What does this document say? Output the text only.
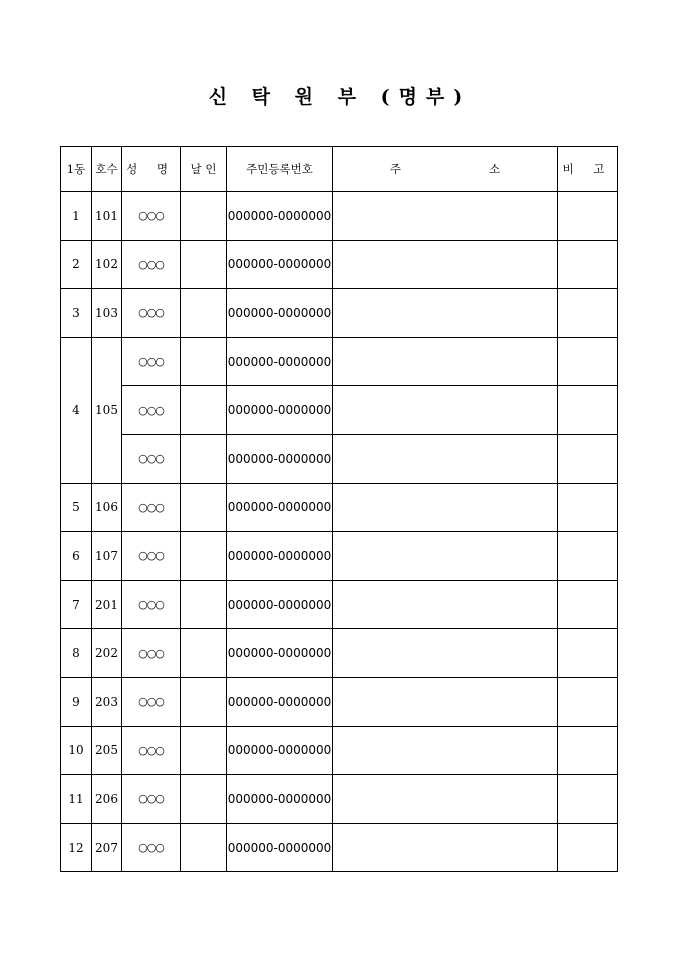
신 탁 원 부 (명부)
1동	호수	성 명	날 인	주민등록번호	주 소	비 고
1	101	○○○		000000-0000000		
2	102	○○○		000000-0000000		
3	103	○○○		000000-0000000		
4	105	○○○		000000-0000000		
		○○○		000000-0000000		
		○○○		000000-0000000		
5	106	○○○		000000-0000000		
6	107	○○○		000000-0000000		
7	201	○○○		000000-0000000		
8	202	○○○		000000-0000000		
9	203	○○○		000000-0000000		
10	205	○○○		000000-0000000		
11	206	○○○		000000-0000000		
12	207	○○○		000000-0000000		
